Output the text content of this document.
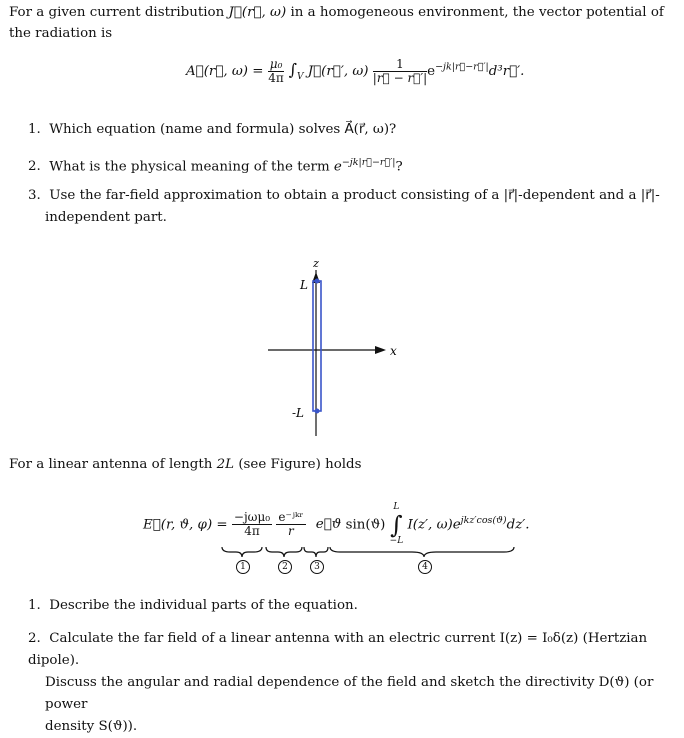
For a given current distribution J⃗(r⃗, ω) in a homogeneous environment, the vector potential of the radiation is
A⃗(r⃗, $\omega) = \frac{\text{μ₀}}{4\pi} \int_V$ J⃗(r⃗′, $\omega) \frac{1}{|r⃗ - r⃗'|}$ $e^{-jk|r⃗-r⃗'|}d^3r⃗'$.
1. Which equation (name and formula) solves A⃗(r⃗, ω)?
2. What is the physical meaning of the term $e^{-jk|r⃗-r⃗'|}$?
3. Use the far-field approximation to obtain a product consisting of a |r⃗|-dependent and a |r⃗|-
independent part.
z
x
L
-L
For a linear antenna of length 2L (see Figure) holds
E⃗(r, ϑ, $\varphi) = \frac{\text{−jωμ₀}}{4\pi}$
$\frac{\text{e⁻ʲᵏʳ}}{r}$ e⃗ϑ sin(ϑ)
L
∫
−L
I(z′, $\omega)e^{jkz'cos(ϑ)}dz'$.
1	2	3	4
1. Describe the individual parts of the equation.
2. Calculate the far field of a linear antenna with an electric current I(z) = I₀δ(z) (Hertzian dipole).
Discuss the angular and radial dependence of the field and sketch the directivity D(ϑ) (or power
density S(ϑ)).
